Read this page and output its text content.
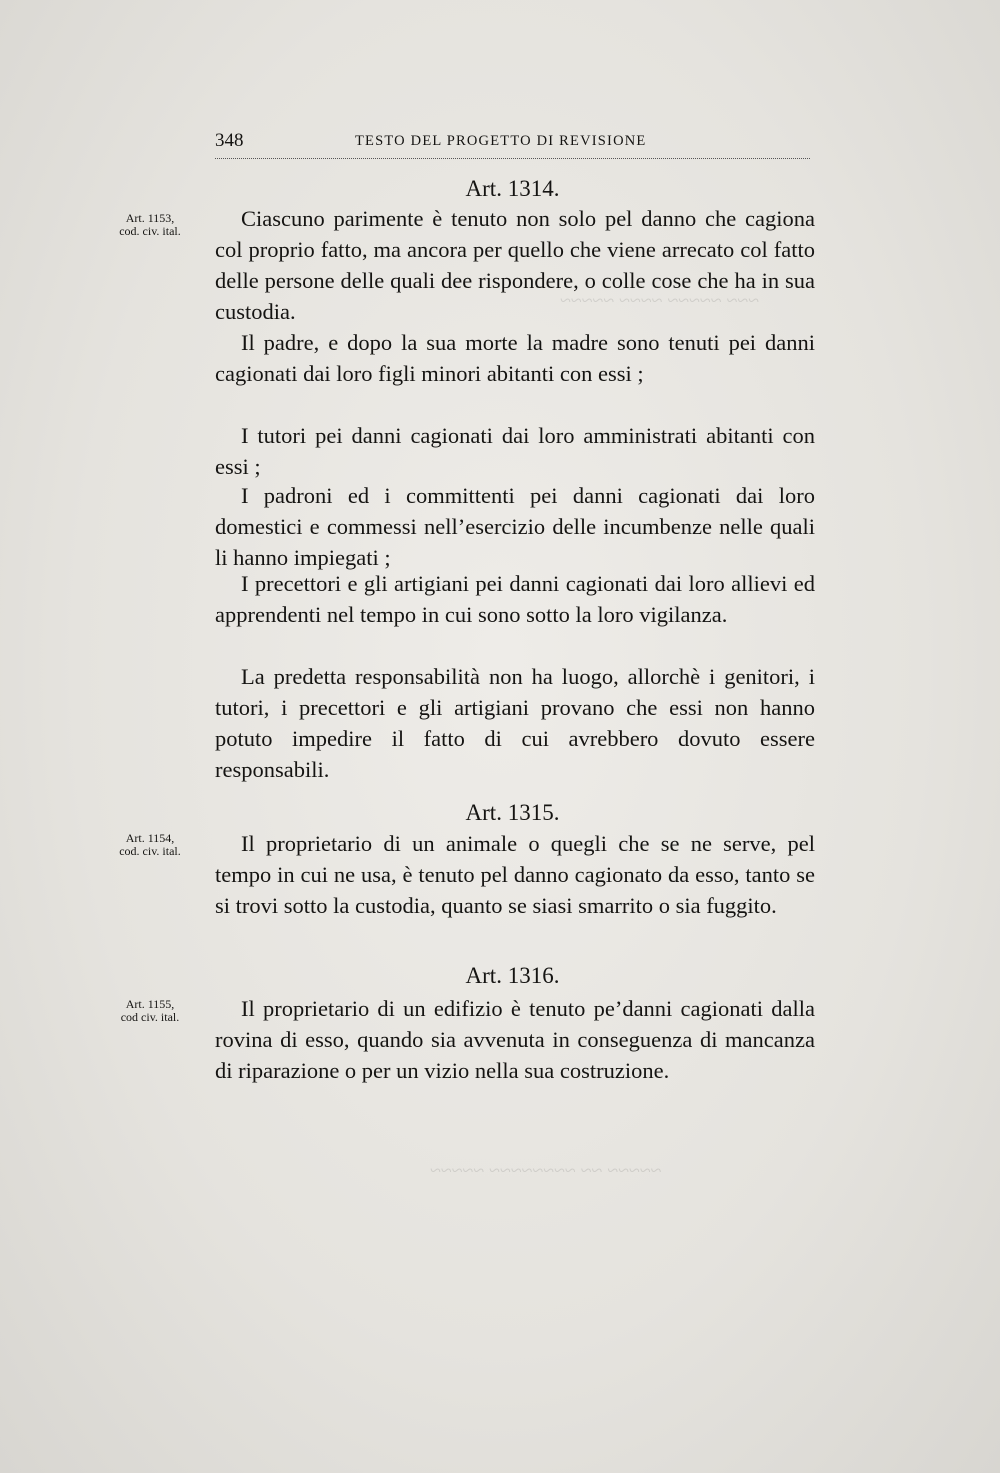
~~~ ~~~~~ ~~~~ ~~~~~
~~~~~ ~~ ~~~~~~~~ ~~~~~
348	TESTO DEL PROGETTO DI REVISIONE
Art. 1314.
Art. 1153,
cod. civ. ital.	Ciascuno parimente è tenuto non solo pel danno che cagiona col proprio fatto, ma ancora per quello che viene arrecato col fatto delle persone delle quali dee rispondere, o colle cose che ha in sua custodia.

Il padre, e dopo la sua morte la madre sono tenuti pei danni cagionati dai loro figli minori abitanti con essi ;

I tutori pei danni cagionati dai loro amministrati abitanti con essi ;

I padroni ed i committenti pei danni cagionati dai loro domestici e commessi nell’esercizio delle incumbenze nelle quali li hanno impiegati ;

I precettori e gli artigiani pei danni cagionati dai loro allievi ed apprendenti nel tempo in cui sono sotto la loro vigilanza.

La predetta responsabilità non ha luogo, allorchè i genitori, i tutori, i precettori e gli artigiani provano che essi non hanno potuto impedire il fatto di cui avrebbero dovuto essere responsabili.

Art. 1315.
Art. 1154,
cod. civ. ital.	Il proprietario di un animale o quegli che se ne serve, pel tempo in cui ne usa, è tenuto pel danno cagionato da esso, tanto se si trovi sotto la custodia, quanto se siasi smarrito o sia fuggito.

Art. 1316.
Art. 1155,
cod civ. ital.	Il proprietario di un edifizio è tenuto pe’danni cagionati dalla rovina di esso, quando sia avvenuta in conseguenza di mancanza di riparazione o per un vizio nella sua costruzione.
